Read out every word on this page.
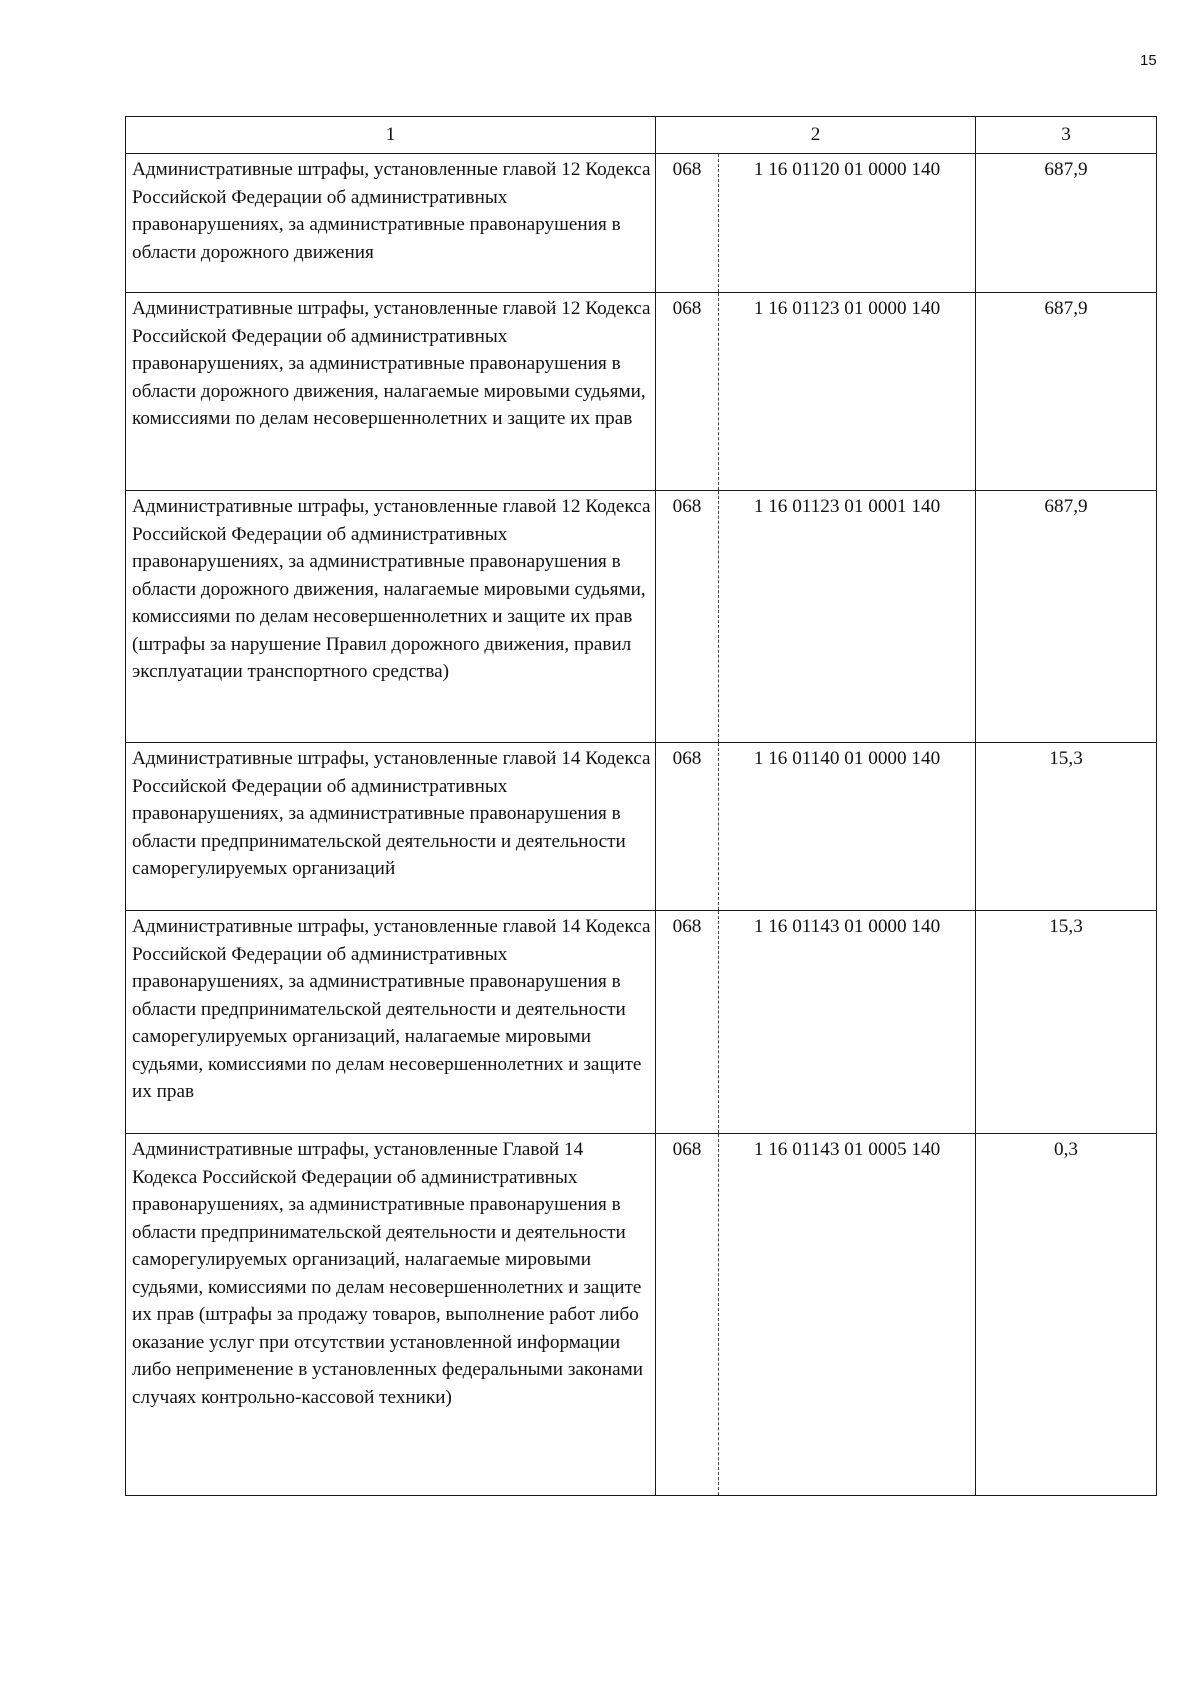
15
1	2		3
Административные штрафы, установленные главой 12 Кодекса Российской Федерации об административных правонарушениях, за административные правонарушения в области дорожного движения	068	1 16 01120 01 0000 140	687,9
Административные штрафы, установленные главой 12 Кодекса Российской Федерации об административных правонарушениях, за административные правонарушения в области дорожного движения, налагаемые мировыми судьями, комиссиями по делам несовершеннолетних и защите их прав	068	1 16 01123 01 0000 140	687,9
Административные штрафы, установленные главой 12 Кодекса Российской Федерации об административных правонарушениях, за административные правонарушения в области дорожного движения, налагаемые мировыми судьями, комиссиями по делам несовершеннолетних и защите их прав (штрафы за нарушение Правил дорожного движения, правил эксплуатации транспортного средства)	068	1 16 01123 01 0001 140	687,9
Административные штрафы, установленные главой 14 Кодекса Российской Федерации об административных правонарушениях, за административные правонарушения в области предпринимательской деятельности и деятельности саморегулируемых организаций	068	1 16 01140 01 0000 140	15,3
Административные штрафы, установленные главой 14 Кодекса Российской Федерации об административных правонарушениях, за административные правонарушения в области предпринимательской деятельности и деятельности саморегулируемых организаций, налагаемые мировыми судьями, комиссиями по делам несовершеннолетних и защите их прав	068	1 16 01143 01 0000 140	15,3
Административные штрафы, установленные Главой 14 Кодекса Российской Федерации об административных правонарушениях, за административные правонарушения в области предпринимательской деятельности и деятельности саморегулируемых организаций, налагаемые мировыми судьями, комиссиями по делам несовершеннолетних и защите их прав (штрафы за продажу товаров, выполнение работ либо оказание услуг при отсутствии установленной информации либо неприменение в установленных федеральными законами случаях контрольно-кассовой техники)	068	1 16 01143 01 0005 140	0,3
